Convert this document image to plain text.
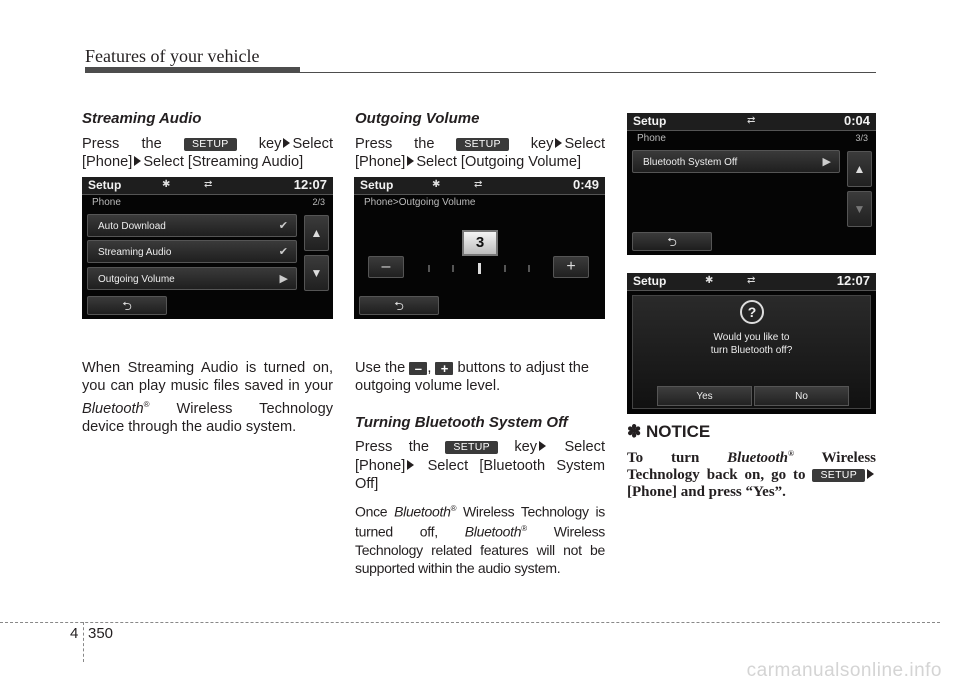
Features of your vehicle
Streaming Audio

Press the	SETUP key Select

[Phone] Select [Streaming Audio]

When Streaming Audio is turned on, you can play music files saved in your Bluetooth® Wireless Technology device through the audio system.

Setup	✱	⇄	12:07
Phone	2/3
Auto Download	✔
Streaming Audio	✔
Outgoing Volume	▶
▲
▼
⮌
Outgoing Volume

Press the	SETUP key Select

[Phone] Select [Outgoing Volume]

Use the – , + buttons to adjust the outgoing volume level.

Turning Bluetooth System Off

Press the SETUP key Select

[Phone] Select [Bluetooth System Off]

Once Bluetooth® Wireless Technology is turned off, Bluetooth® Wireless Technology related features will not be supported within the audio system.

Setup	✱	⇄	0:49
Phone>Outgoing Volume
3
–	+
⮌
Setup	⇄	0:04
Phone	3/3
Bluetooth System Off	▶	▲
▼
⮌
Setup	✱	⇄	12:07
?
Would you like to
turn Bluetooth off?
Yes	No
✽ NOTICE

To turn Bluetooth® Wireless Technology back on, go to SETUP [Phone] and press “Yes”.

4 350
carmanualsonline.info
